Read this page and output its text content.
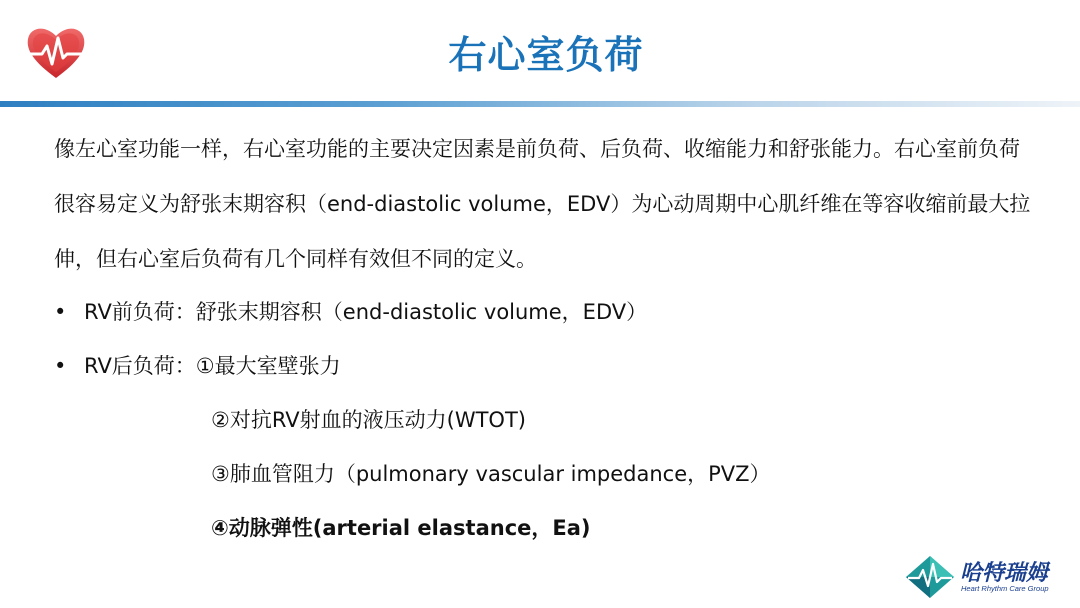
右心室负荷
像左心室功能一样，右心室功能的主要决定因素是前负荷、后负荷、收缩能力和舒张能力。右心室前负荷很容易定义为舒张末期容积（end-diastolic volume，EDV）为心动周期中心肌纤维在等容收缩前最大拉伸，但右心室后负荷有几个同样有效但不同的定义。
• RV前负荷：舒张末期容积（end-diastolic volume，EDV）
• RV后负荷：①最大室壁张力
②对抗RV射血的液压动力(WTOT)
③肺血管阻力（pulmonary vascular impedance，PVZ）
④动脉弹性(arterial elastance，Ea)
哈特瑞姆
Heart Rhythm Care Group
